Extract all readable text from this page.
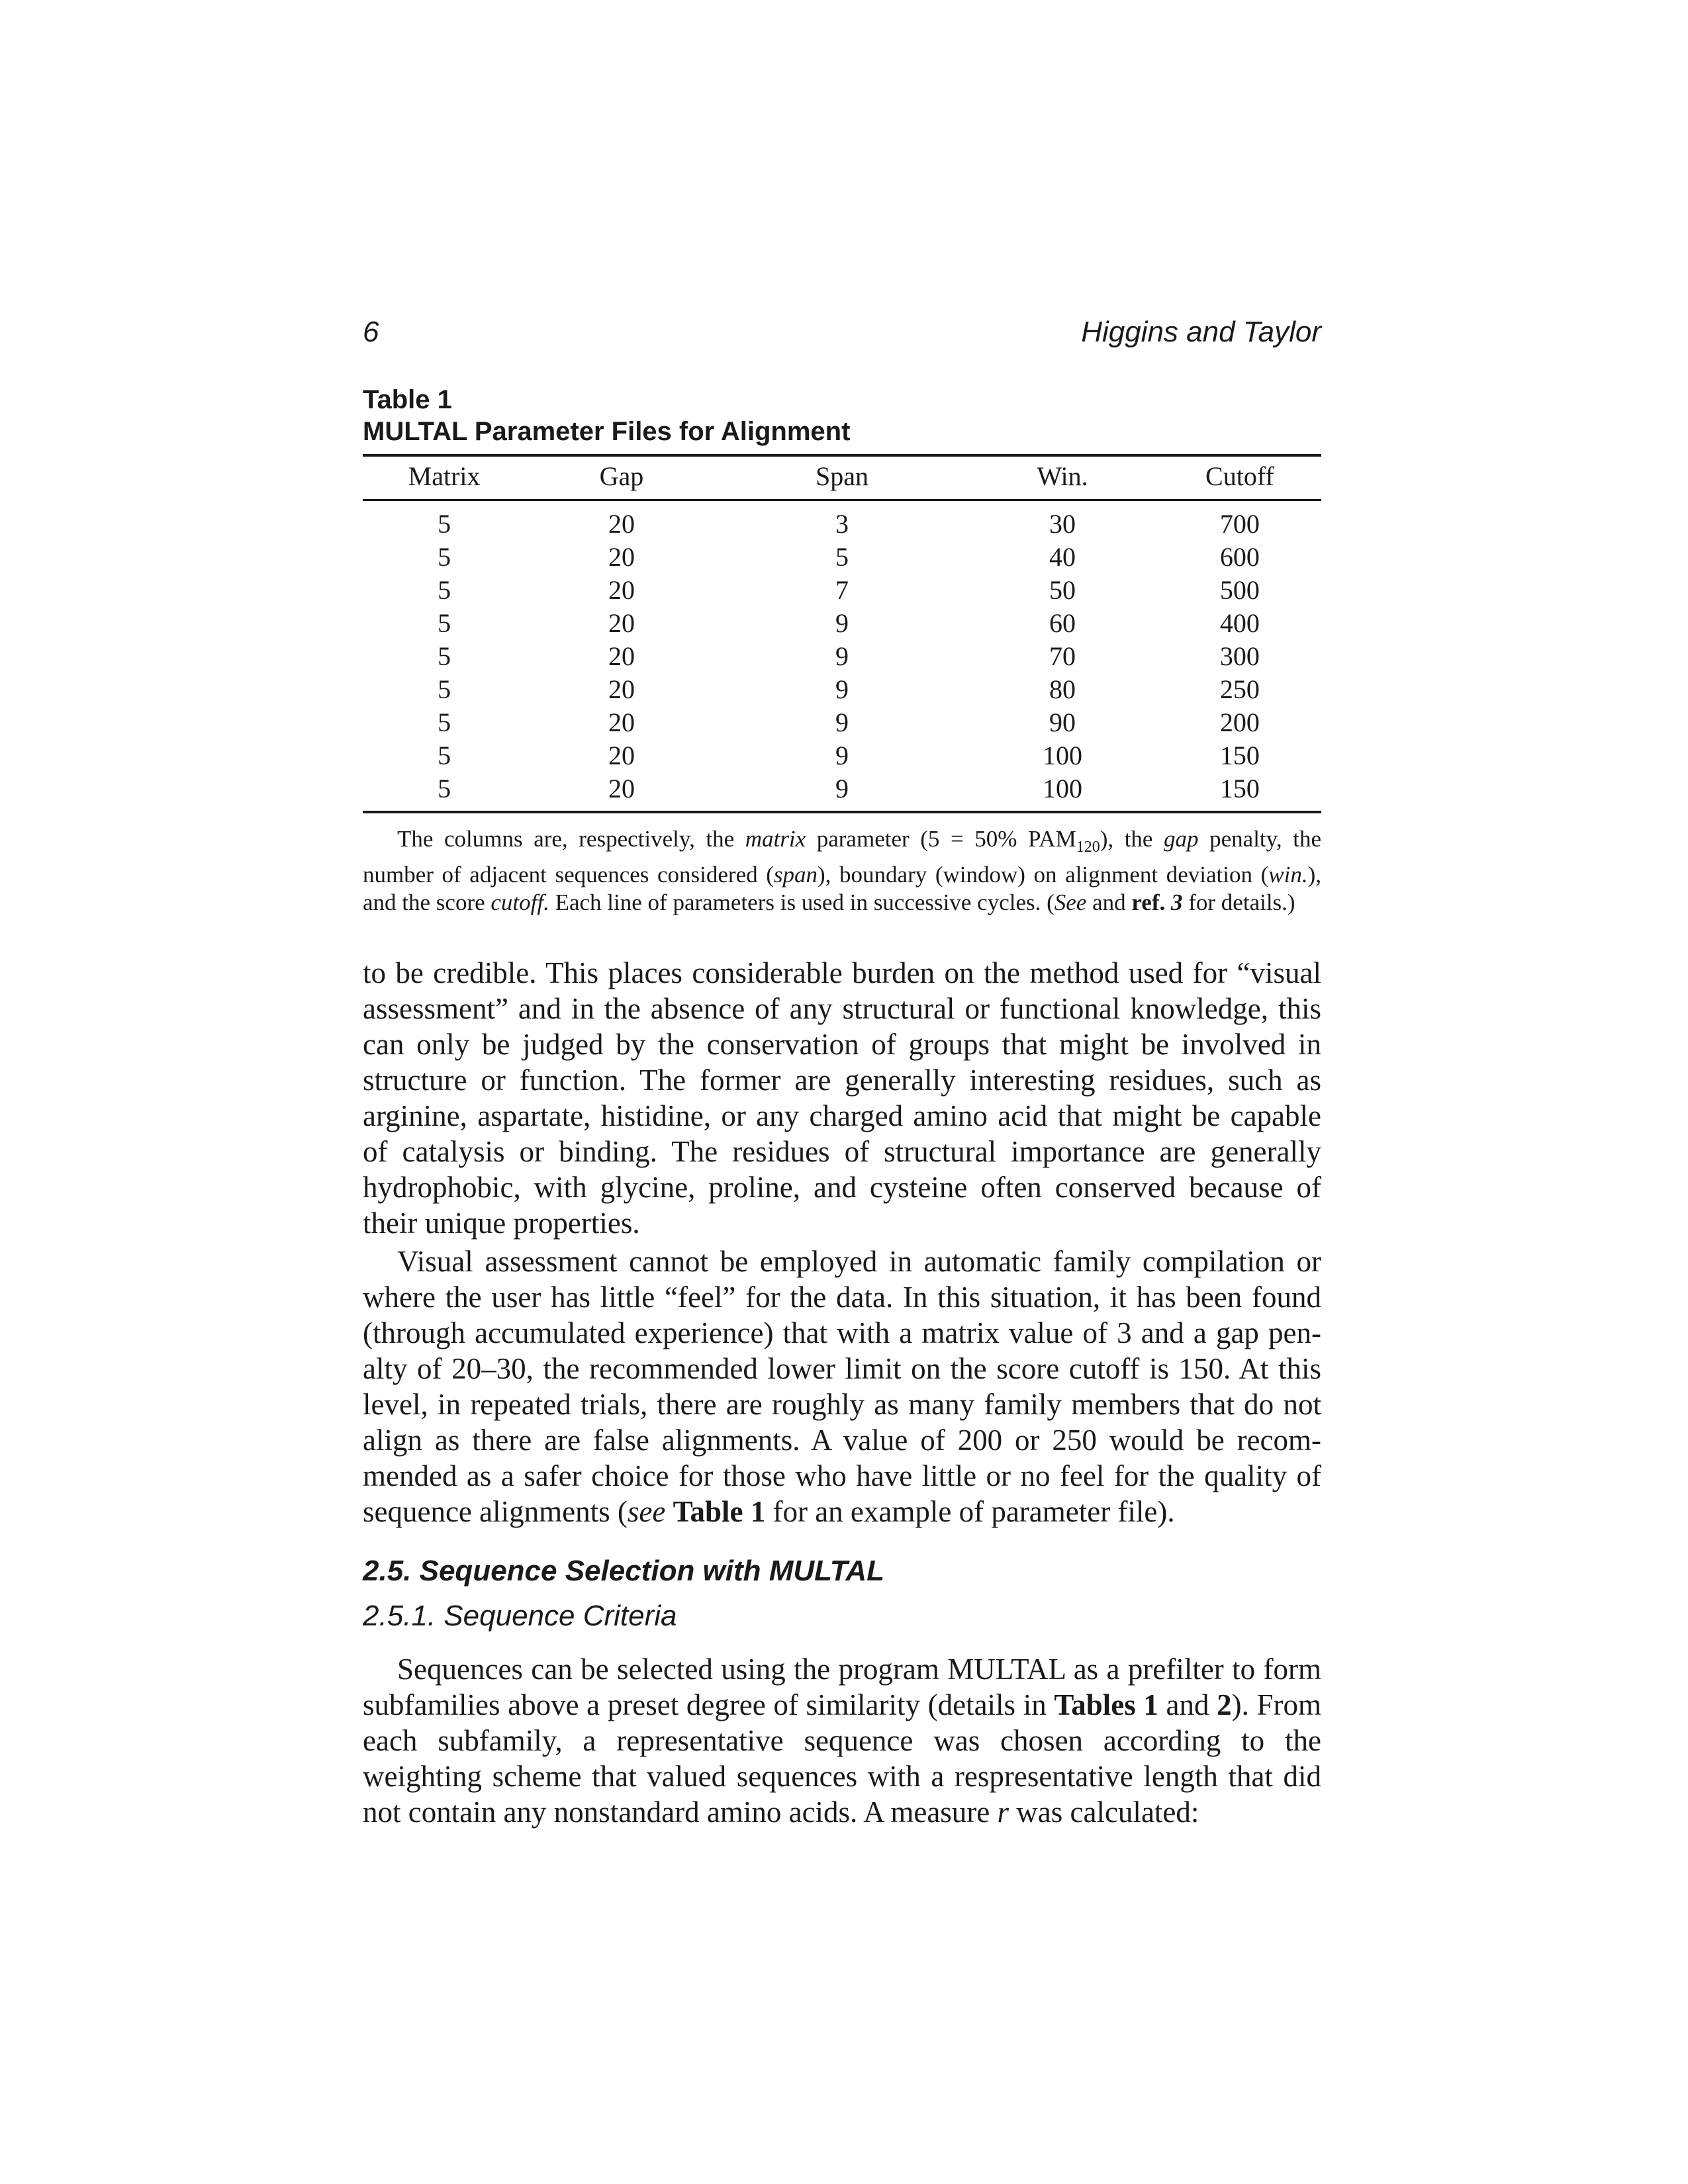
6	Higgins and Taylor
Table 1
MULTAL Parameter Files for Alignment
Matrix	Gap	Span	Win.	Cutoff
5	20	3	30	700
5	20	5	40	600
5	20	7	50	500
5	20	9	60	400
5	20	9	70	300
5	20	9	80	250
5	20	9	90	200
5	20	9	100	150
5	20	9	100	150
The columns are, respectively, the matrix parameter (5 = 50% $PAM_{120}$), the gap penalty, the number of adjacent sequences considered (span), boundary (window) on alignment deviation (win.), and the score cutoff. Each line of parameters is used in successive cycles. (See and ref. 3 for details.)

to be credible. This places considerable burden on the method used for “visual assessment” and in the absence of any structural or functional knowledge, this can only be judged by the conservation of groups that might be involved in structure or function. The former are generally interesting residues, such as arginine, aspartate, histidine, or any charged amino acid that might be capable of catalysis or binding. The residues of structural importance are generally hydrophobic, with glycine, proline, and cysteine often conserved because of their unique properties.

Visual assessment cannot be employed in automatic family compilation or where the user has little “feel” for the data. In this situation, it has been found (through accumulated experience) that with a matrix value of 3 and a gap pen-alty of 20–30, the recommended lower limit on the score cutoff is 150. At this level, in repeated trials, there are roughly as many family members that do not align as there are false alignments. A value of 200 or 250 would be recom-mended as a safer choice for those who have little or no feel for the quality of sequence alignments (see Table 1 for an example of parameter file).

2.5. Sequence Selection with MULTAL
2.5.1. Sequence Criteria

Sequences can be selected using the program MULTAL as a prefilter to form subfamilies above a preset degree of similarity (details in Tables 1 and 2). From each subfamily, a representative sequence was chosen according to the weighting scheme that valued sequences with a respresentative length that did not contain any nonstandard amino acids. A measure r was calculated:
